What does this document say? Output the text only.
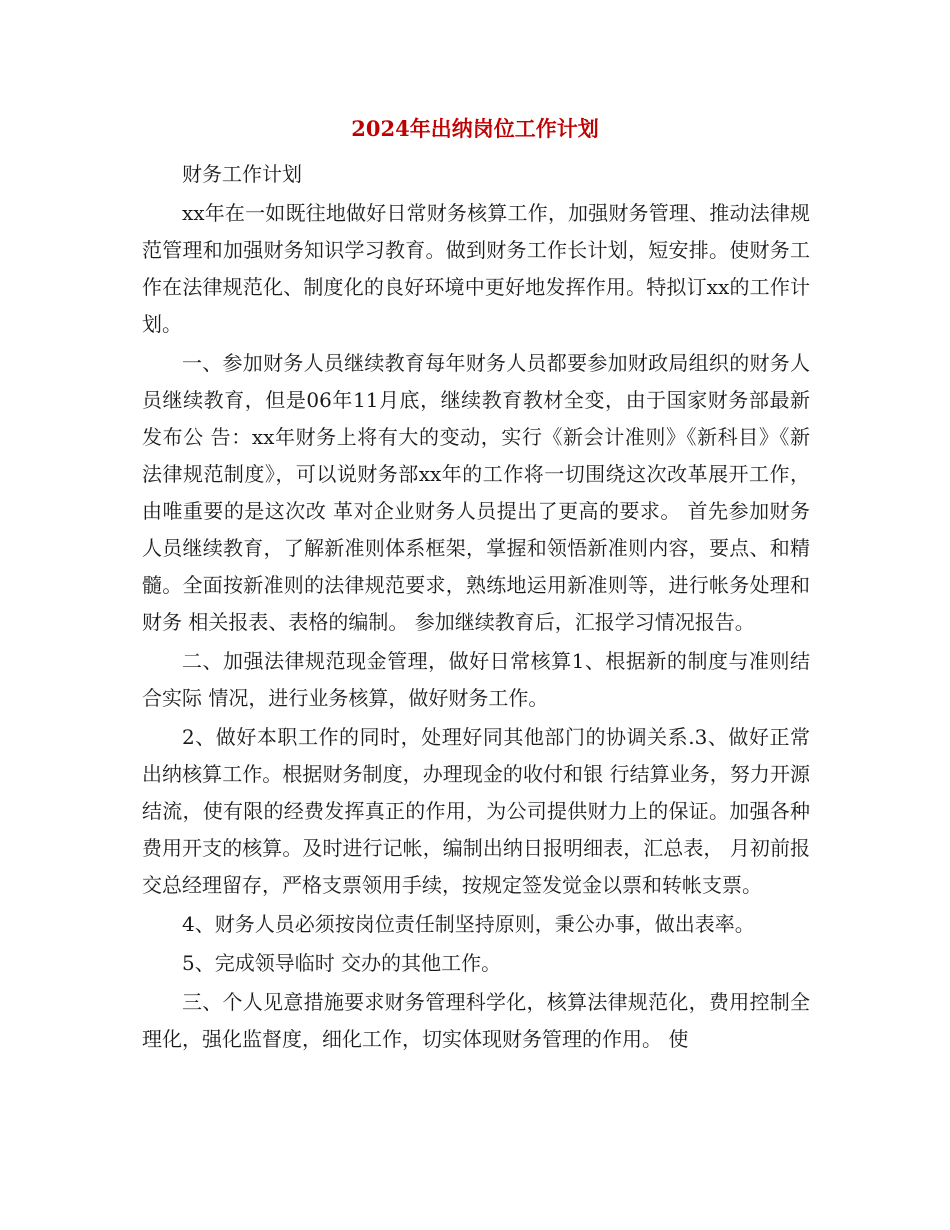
2024年出纳岗位工作计划

财务工作计划

xx年在一如既往地做好日常财务核算工作，加强财务管理、推动法律规范管理和加强财务知识学习教育。做到财务工作长计划，短安排。使财务工作在法律规范化、制度化的良好环境中更好地发挥作用。特拟订xx的工作计划。

一、参加财务人员继续教育每年财务人员都要参加财政局组织的财务人员继续教育，但是06年11月底，继续教育教材全变，由于国家财务部最新发布公 告：xx年财务上将有大的变动，实行《新会计准则》《新科目》《新法律规范制度》，可以说财务部xx年的工作将一切围绕这次改革展开工作，由唯重要的是这次改 革对企业财务人员提出了更高的要求。 首先参加财务人员继续教育，了解新准则体系框架，掌握和领悟新准则内容，要点、和精髓。全面按新准则的法律规范要求，熟练地运用新准则等，进行帐务处理和财务 相关报表、表格的编制。 参加继续教育后，汇报学习情况报告。

二、加强法律规范现金管理，做好日常核算1、根据新的制度与准则结合实际 情况，进行业务核算，做好财务工作。

2、做好本职工作的同时，处理好同其他部门的协调关系.3、做好正常出纳核算工作。根据财务制度，办理现金的收付和银 行结算业务，努力开源结流，使有限的经费发挥真正的作用，为公司提供财力上的保证。加强各种费用开支的核算。及时进行记帐，编制出纳日报明细表，汇总表， 月初前报交总经理留存，严格支票领用手续，按规定签发觉金以票和转帐支票。

4、财务人员必须按岗位责任制坚持原则，秉公办事，做出表率。

5、完成领导临时 交办的其他工作。

三、个人见意措施要求财务管理科学化，核算法律规范化，费用控制全理化，强化监督度，细化工作，切实体现财务管理的作用。 使
